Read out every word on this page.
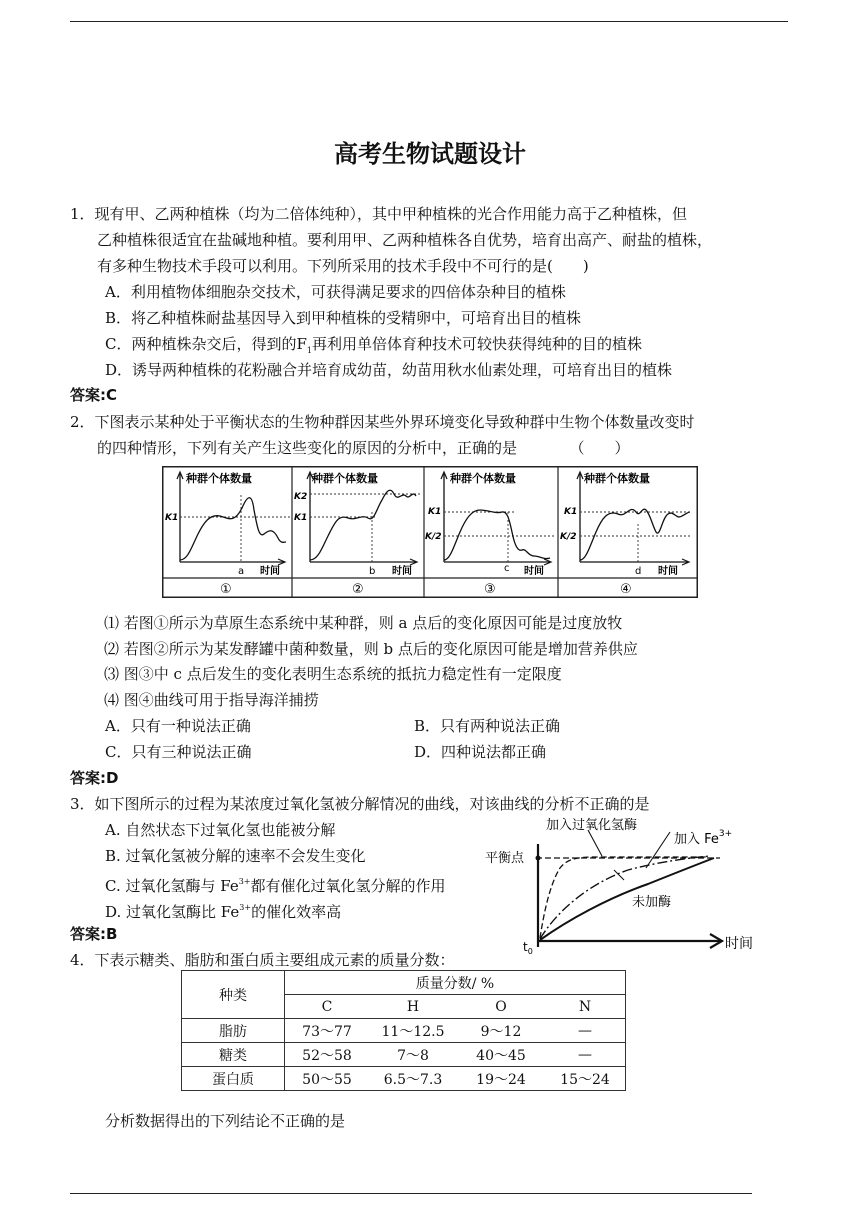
高考生物试题设计
1．现有甲、乙两种植株（均为二倍体纯种），其中甲种植株的光合作用能力高于乙种植株，但
乙种植株很适宜在盐碱地种植。要利用甲、乙两种植株各自优势，培育出高产、耐盐的植株，
有多种生物技术手段可以利用。下列所采用的技术手段中不可行的是(　　)
A．利用植物体细胞杂交技术，可获得满足要求的四倍体杂种目的植株
B．将乙种植株耐盐基因导入到甲种植株的受精卵中，可培育出目的植株
C．两种植株杂交后，得到的$F_1$再利用单倍体育种技术可较快获得纯种的目的植株
D．诱导两种植株的花粉融合并培育成幼苗，幼苗用秋水仙素处理，可培育出目的植株
答案:C
2．下图表示某种处于平衡状态的生物种群因某些外界环境变化导致种群中生物个体数量改变时
的四种情形，下列有关产生这些变化的原因的分析中，正确的是　　　　（　　）
种群个体数量
K1
a 时间
①
种群个体数量
K2
K1
b 时间
②
种群个体数量
K1
K/2
c 时间
③
种群个体数量
K1
K/2
d 时间
④
⑴ 若图①所示为草原生态系统中某种群，则 a 点后的变化原因可能是过度放牧
⑵ 若图②所示为某发酵罐中菌种数量，则 b 点后的变化原因可能是增加营养供应
⑶ 图③中 c 点后发生的变化表明生态系统的抵抗力稳定性有一定限度
⑷ 图④曲线可用于指导海洋捕捞
A．只有一种说法正确	B．只有两种说法正确
C．只有三种说法正确	D．四种说法都正确
答案:D
3．如下图所示的过程为某浓度过氧化氢被分解情况的曲线，对该曲线的分析不正确的是
A. 自然状态下过氧化氢也能被分解
B. 过氧化氢被分解的速率不会发生变化
C. 过氧化氢酶与 $Fe^{3+}$都有催化过氧化氢分解的作用
D. 过氧化氢酶比 $Fe^{3+}$的催化效率高
加入过氧化氢酶
加入 $Fe^{3+}$
平衡点
未加酶
$t_0$	时间
答案:B
4．下表示糖类、脂肪和蛋白质主要组成元素的质量分数：
种类	质量分数/ %			
	C	H	O	N
脂肪	73～77	11～12.5	9～12	—
糖类	52～58	7～8	40～45	—
蛋白质	50～55	6.5～7.3	19～24	15～24
分析数据得出的下列结论不正确的是
